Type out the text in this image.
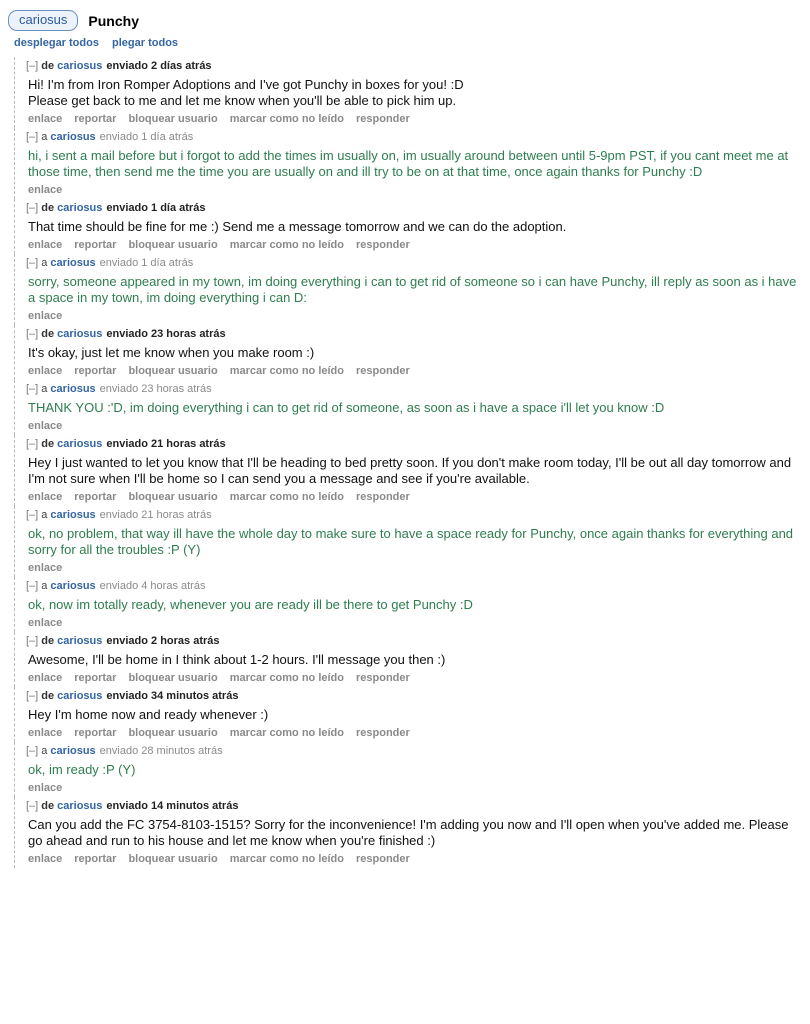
cariosus	Punchy
desplegar todos plegar todos
[–] de cariosus enviado 2 días atrás
Hi! I'm from Iron Romper Adoptions and I've got Punchy in boxes for you! :D
Please get back to me and let me know when you'll be able to pick him up.
enlace reportar bloquear usuario marcar como no leído responder
[–] a cariosus enviado 1 día atrás
hi, i sent a mail before but i forgot to add the times im usually on, im usually around between until 5-9pm PST, if you cant meet me at those time, then send me the time you are usually on and ill try to be on at that time, once again thanks for Punchy :D
enlace
[–] de cariosus enviado 1 día atrás
That time should be fine for me :) Send me a message tomorrow and we can do the adoption.
enlace reportar bloquear usuario marcar como no leído responder
[–] a cariosus enviado 1 día atrás
sorry, someone appeared in my town, im doing everything i can to get rid of someone so i can have Punchy, ill reply as soon as i have a space in my town, im doing everything i can D:
enlace
[–] de cariosus enviado 23 horas atrás
It's okay, just let me know when you make room :)
enlace reportar bloquear usuario marcar como no leído responder
[–] a cariosus enviado 23 horas atrás
THANK YOU :'D, im doing everything i can to get rid of someone, as soon as i have a space i'll let you know :D
enlace
[–] de cariosus enviado 21 horas atrás
Hey I just wanted to let you know that I'll be heading to bed pretty soon. If you don't make room today, I'll be out all day tomorrow and I'm not sure when I'll be home so I can send you a message and see if you're available.
enlace reportar bloquear usuario marcar como no leído responder
[–] a cariosus enviado 21 horas atrás
ok, no problem, that way ill have the whole day to make sure to have a space ready for Punchy, once again thanks for everything and sorry for all the troubles :P (Y)
enlace
[–] a cariosus enviado 4 horas atrás
ok, now im totally ready, whenever you are ready ill be there to get Punchy :D
enlace
[–] de cariosus enviado 2 horas atrás
Awesome, I'll be home in I think about 1-2 hours. I'll message you then :)
enlace reportar bloquear usuario marcar como no leído responder
[–] de cariosus enviado 34 minutos atrás
Hey I'm home now and ready whenever :)
enlace reportar bloquear usuario marcar como no leído responder
[–] a cariosus enviado 28 minutos atrás
ok, im ready :P (Y)
enlace
[–] de cariosus enviado 14 minutos atrás
Can you add the FC 3754-8103-1515? Sorry for the inconvenience! I'm adding you now and I'll open when you've added me. Please go ahead and run to his house and let me know when you're finished :)
enlace reportar bloquear usuario marcar como no leído responder
